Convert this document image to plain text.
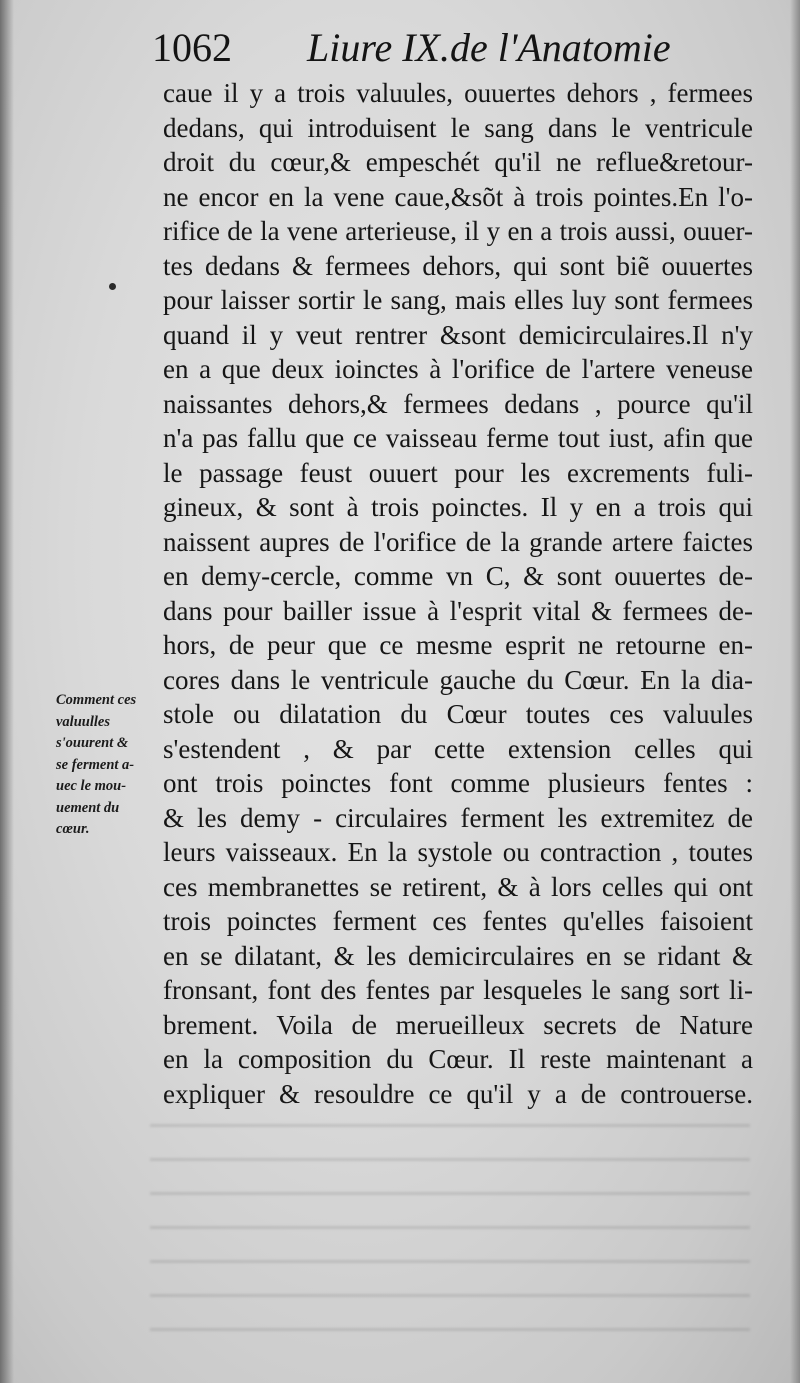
1062 Liure IX.de l'Anatomie
Comment ces
valuulles
s'ouurent &
se ferment a-
uec le mou-
uement du
cœur.
caue il y a trois valuules, ouuertes dehors , fermees
dedans, qui introduisent le sang dans le ventricule
droit du cœur,& empeschét qu'il ne reflue&retour-
ne encor en la vene caue,&sõt à trois pointes.En l'o-
rifice de la vene arterieuse, il y en a trois aussi, ouuer-
tes dedans & fermees dehors, qui sont biẽ ouuertes
pour laisser sortir le sang, mais elles luy sont fermees
quand il y veut rentrer &sont demicirculaires.Il n'y
en a que deux ioinctes à l'orifice de l'artere veneuse
naissantes dehors,& fermees dedans , pource qu'il
n'a pas fallu que ce vaisseau ferme tout iust, afin que
le passage feust ouuert pour les excrements fuli-
gineux, & sont à trois poinctes. Il y en a trois qui
naissent aupres de l'orifice de la grande artere faictes
en demy-cercle, comme vn C, & sont ouuertes de-
dans pour bailler issue à l'esprit vital & fermees de-
hors, de peur que ce mesme esprit ne retourne en-
cores dans le ventricule gauche du Cœur. En la dia-
stole ou dilatation du Cœur toutes ces valuules
s'estendent , & par cette extension celles qui
ont trois poinctes font comme plusieurs fentes :
& les demy - circulaires ferment les extremitez de
leurs vaisseaux. En la systole ou contraction , toutes
ces membranettes se retirent, & à lors celles qui ont
trois poinctes ferment ces fentes qu'elles faisoient
en se dilatant, & les demicirculaires en se ridant &
fronsant, font des fentes par lesqueles le sang sort li-
brement. Voila de merueilleux secrets de Nature
en la composition du Cœur. Il reste maintenant a
expliquer & resouldre ce qu'il y a de controuerse.
